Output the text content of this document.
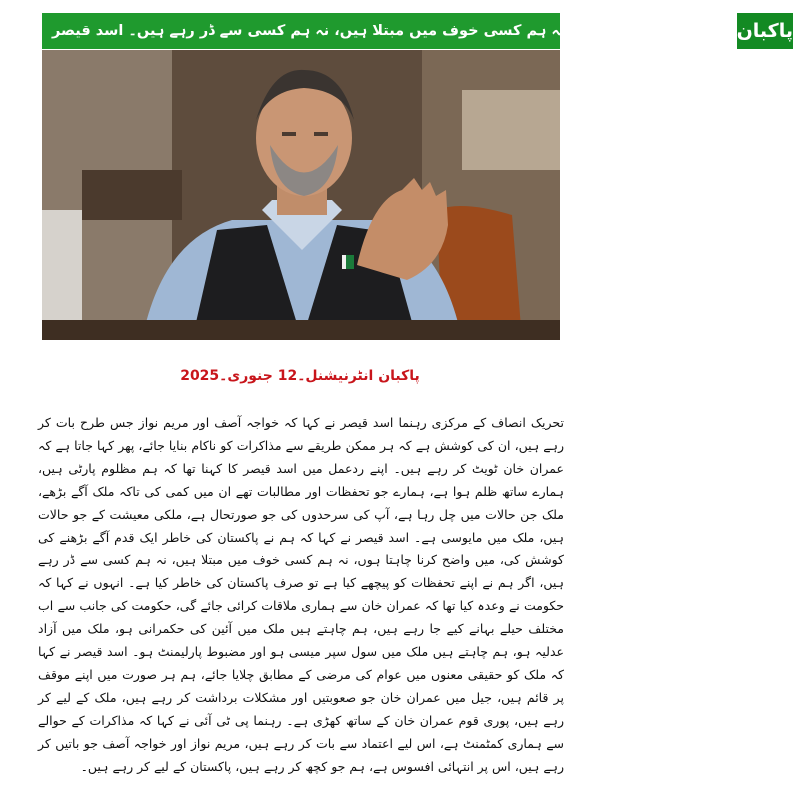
واضح کرنا چاہتا ہوں، نہ ہم کسی خوف میں مبتلا ہیں، نہ ہم کسی سے ڈر رہے ہیں۔ اسد قیصر پاکبان
پاکبان انٹرنیشنل۔12 جنوری۔2025

تحریک انصاف کے مرکزی رہنما اسد قیصر نے کہا کہ خواجہ آصف اور مریم نواز جس طرح بات کر رہے ہیں، ان کی کوشش ہے کہ ہر ممکن طریقے سے مذاکرات کو ناکام بنایا جائے، پھر کہا جاتا ہے کہ عمران خان ٹویٹ کر رہے ہیں۔ اپنے ردعمل میں اسد قیصر کا کہنا تھا کہ ہم مظلوم پارٹی ہیں، ہمارے ساتھ ظلم ہوا ہے، ہمارے جو تحفظات اور مطالبات تھے ان میں کمی کی تاکہ ملک آگے بڑھے، ملک جن حالات میں چل رہا ہے، آپ کی سرحدوں کی جو صورتحال ہے، ملکی معیشت کے جو حالات ہیں، ملک میں مایوسی ہے۔ اسد قیصر نے کہا کہ ہم نے پاکستان کی خاطر ایک قدم آگے بڑھنے کی کوشش کی، میں واضح کرنا چاہتا ہوں، نہ ہم کسی خوف میں مبتلا ہیں، نہ ہم کسی سے ڈر رہے ہیں، اگر ہم نے اپنے تحفظات کو پیچھے کیا ہے تو صرف پاکستان کی خاطر کیا ہے۔ انہوں نے کہا کہ حکومت نے وعدہ کیا تھا کہ عمران خان سے ہماری ملاقات کرائی جائے گی، حکومت کی جانب سے اب مختلف حیلے بہانے کیے جا رہے ہیں، ہم چاہتے ہیں ملک میں آئین کی حکمرانی ہو، ملک میں آزاد عدلیہ ہو، ہم چاہتے ہیں ملک میں سول سپر میسی ہو اور مضبوط پارلیمنٹ ہو۔ اسد قیصر نے کہا کہ ملک کو حقیقی معنوں میں عوام کی مرضی کے مطابق چلایا جائے، ہم ہر صورت میں اپنے موقف پر قائم ہیں، جیل میں عمران خان جو صعوبتیں اور مشکلات برداشت کر رہے ہیں، ملک کے لیے کر رہے ہیں، پوری قوم عمران خان کے ساتھ کھڑی ہے۔ رہنما پی ٹی آئی نے کہا کہ مذاکرات کے حوالے سے ہماری کمٹمنٹ ہے، اس لیے اعتماد سے بات کر رہے ہیں، مریم نواز اور خواجہ آصف جو باتیں کر رہے ہیں، اس پر انتہائی افسوس ہے، ہم جو کچھ کر رہے ہیں، پاکستان کے لیے کر رہے ہیں۔
